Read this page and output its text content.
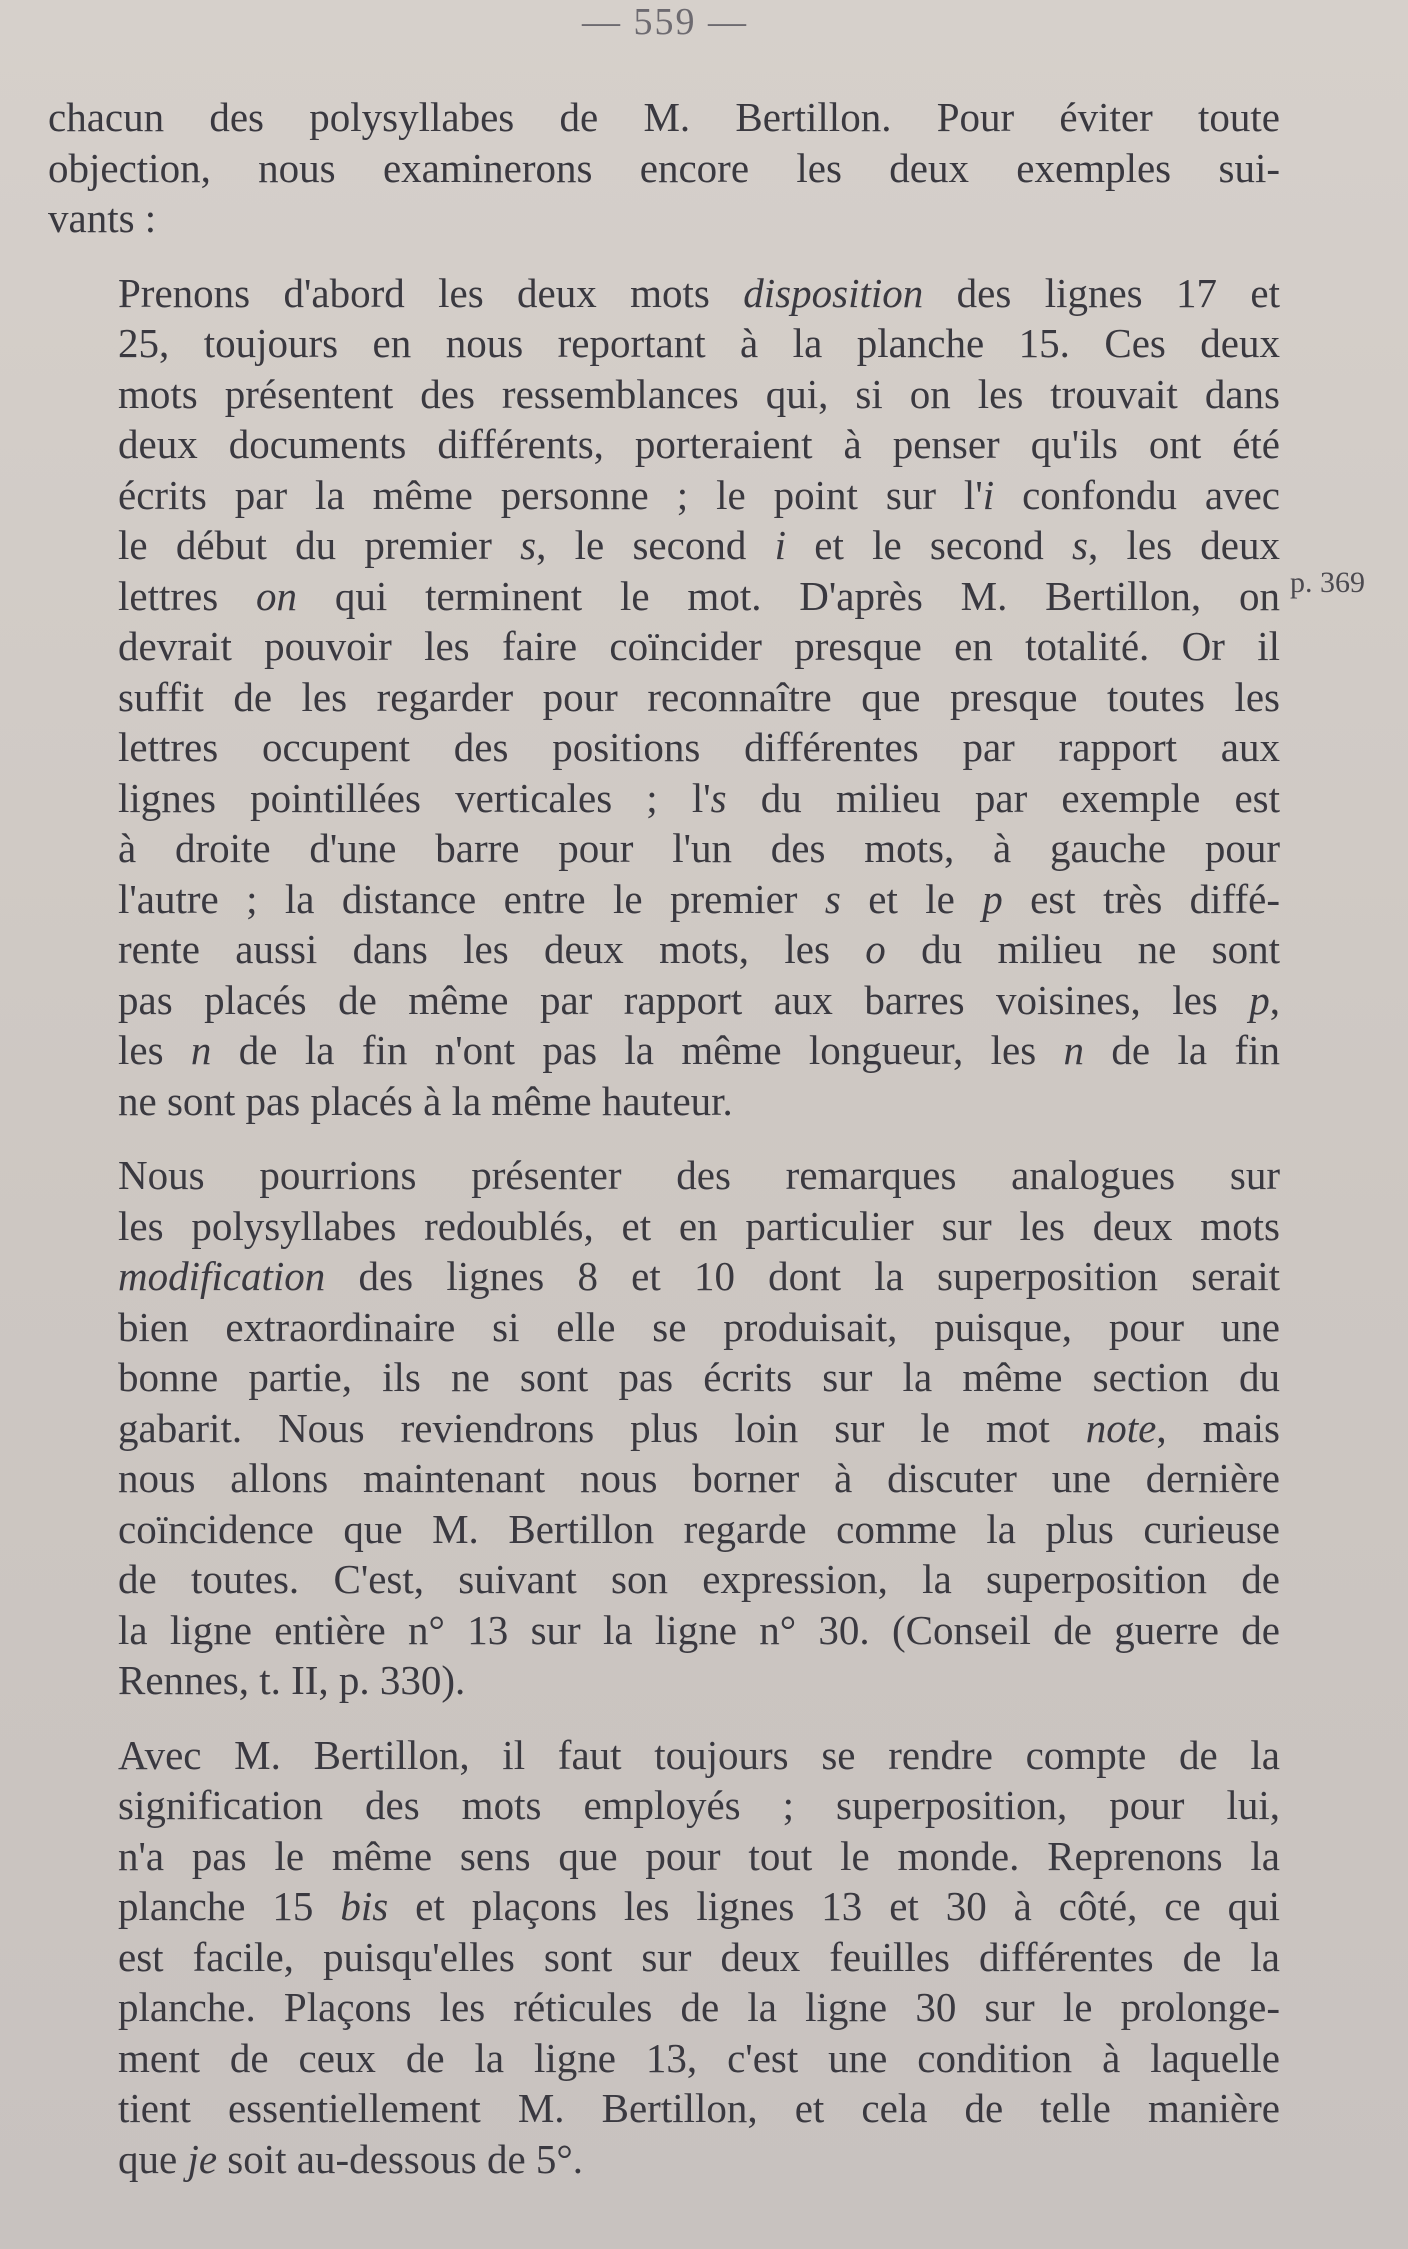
— 559 —
p. 369

chacun des polysyllabes de M. Bertillon. Pour éviter toute
objection, nous examinerons encore les deux exemples sui-
vants :

Prenons d'abord les deux mots disposition des lignes 17 et
25, toujours en nous reportant à la planche 15. Ces deux
mots présentent des ressemblances qui, si on les trouvait dans
deux documents différents, porteraient à penser qu'ils ont été
écrits par la même personne ; le point sur l'i confondu avec
le début du premier s, le second i et le second s, les deux
lettres on qui terminent le mot. D'après M. Bertillon, on
devrait pouvoir les faire coïncider presque en totalité. Or il
suffit de les regarder pour reconnaître que presque toutes les
lettres occupent des positions différentes par rapport aux
lignes pointillées verticales ; l's du milieu par exemple est
à droite d'une barre pour l'un des mots, à gauche pour
l'autre ; la distance entre le premier s et le p est très diffé-
rente aussi dans les deux mots, les o du milieu ne sont
pas placés de même par rapport aux barres voisines, les p,
les n de la fin n'ont pas la même longueur, les n de la fin
ne sont pas placés à la même hauteur.

Nous pourrions présenter des remarques analogues sur
les polysyllabes redoublés, et en particulier sur les deux mots
modification des lignes 8 et 10 dont la superposition serait
bien extraordinaire si elle se produisait, puisque, pour une
bonne partie, ils ne sont pas écrits sur la même section du
gabarit. Nous reviendrons plus loin sur le mot note, mais
nous allons maintenant nous borner à discuter une dernière
coïncidence que M. Bertillon regarde comme la plus curieuse
de toutes. C'est, suivant son expression, la superposition de
la ligne entière n° 13 sur la ligne n° 30. (Conseil de guerre de
Rennes, t. II, p. 330).

Avec M. Bertillon, il faut toujours se rendre compte de la
signification des mots employés ; superposition, pour lui,
n'a pas le même sens que pour tout le monde. Reprenons la
planche 15 bis et plaçons les lignes 13 et 30 à côté, ce qui
est facile, puisqu'elles sont sur deux feuilles différentes de la
planche. Plaçons les réticules de la ligne 30 sur le prolonge-
ment de ceux de la ligne 13, c'est une condition à laquelle
tient essentiellement M. Bertillon, et cela de telle manière
que je soit au-dessous de 5°.
